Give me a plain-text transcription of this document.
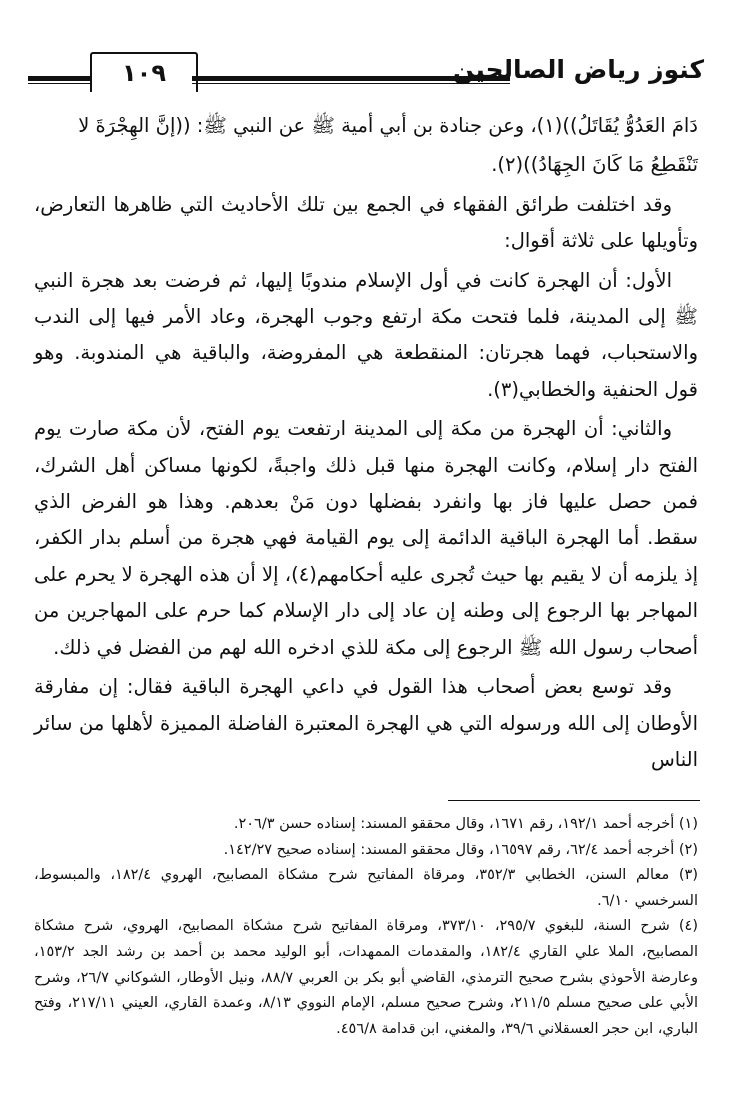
١٠٩	كنوز رياض الصالحين

دَامَ العَدُوُّ يُقَاتَلُ))(١)، وعن جنادة بن أبي أمية ﷺ عن النبي ﷺ: ((إنَّ الهِجْرَةَ لا

تَنْقَطِعُ مَا كَانَ الجِهَادُ))(٢).

وقد اختلفت طرائق الفقهاء في الجمع بين تلك الأحاديث التي ظاهرها التعارض، وتأويلها على ثلاثة أقوال:

الأول: أن الهجرة كانت في أول الإسلام مندوبًا إليها، ثم فرضت بعد هجرة النبي ﷺ إلى المدينة، فلما فتحت مكة ارتفع وجوب الهجرة، وعاد الأمر فيها إلى الندب والاستحباب، فهما هجرتان: المنقطعة هي المفروضة، والباقية هي المندوبة. وهو قول الحنفية والخطابي(٣).

والثاني: أن الهجرة من مكة إلى المدينة ارتفعت يوم الفتح، لأن مكة صارت يوم الفتح دار إسلام، وكانت الهجرة منها قبل ذلك واجبةً، لكونها مساكن أهل الشرك، فمن حصل عليها فاز بها وانفرد بفضلها دون مَنْ بعدهم. وهذا هو الفرض الذي سقط. أما الهجرة الباقية الدائمة إلى يوم القيامة فهي هجرة من أسلم بدار الكفر، إذ يلزمه أن لا يقيم بها حيث تُجرى عليه أحكامهم(٤)، إلا أن هذه الهجرة لا يحرم على المهاجر بها الرجوع إلى وطنه إن عاد إلى دار الإسلام كما حرم على المهاجرين من أصحاب رسول الله ﷺ الرجوع إلى مكة للذي ادخره الله لهم من الفضل في ذلك.

وقد توسع بعض أصحاب هذا القول في داعي الهجرة الباقية فقال: إن مفارقة الأوطان إلى الله ورسوله التي هي الهجرة المعتبرة الفاضلة المميزة لأهلها من سائر الناس

(١) أخرجه أحمد ١٩٢/١، رقم ١٦٧١، وقال محققو المسند: إسناده حسن ٢٠٦/٣.

(٢) أخرجه أحمد ٦٢/٤، رقم ١٦٥٩٧، وقال محققو المسند: إسناده صحيح ١٤٢/٢٧.

(٣) معالم السنن، الخطابي ٣٥٢/٣، ومرقاة المفاتيح شرح مشكاة المصابيح، الهروي ١٨٢/٤، والمبسوط، السرخسي ٦/١٠.

(٤) شرح السنة، للبغوي ٢٩٥/٧، ٣٧٣/١٠، ومرقاة المفاتيح شرح مشكاة المصابيح، الهروي، شرح مشكاة المصابيح، الملا علي القاري ١٨٢/٤، والمقدمات الممهدات، أبو الوليد محمد بن أحمد بن رشد الجد ١٥٣/٢، وعارضة الأحوذي بشرح صحيح الترمذي، القاضي أبو بكر بن العربي ٨٨/٧، ونيل الأوطار، الشوكاني ٢٦/٧، وشرح الأبي على صحيح مسلم ٢١١/٥، وشرح صحيح مسلم، الإمام النووي ٨/١٣، وعمدة القاري، العيني ٢١٧/١١، وفتح الباري، ابن حجر العسقلاني ٣٩/٦، والمغني، ابن قدامة ٤٥٦/٨.
